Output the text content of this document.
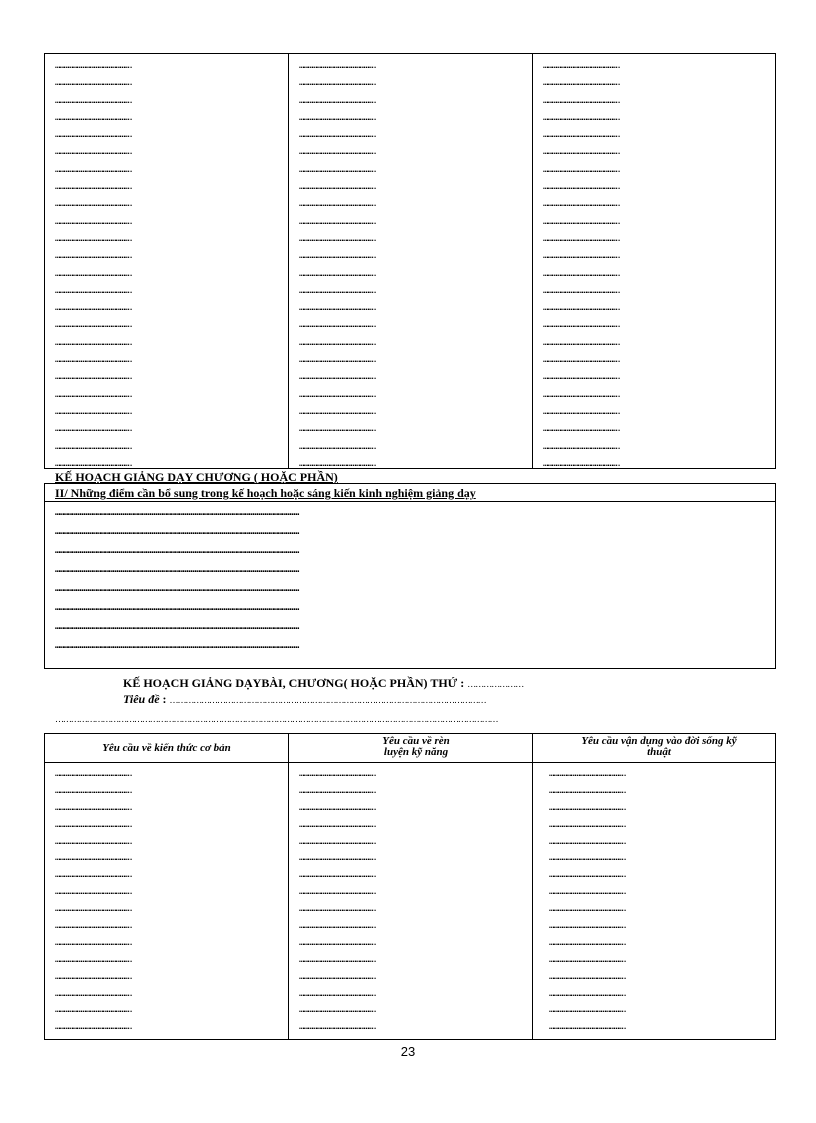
…………………………………………….
…………………………………………….
…………………………………………….
…………………………………………….
…………………………………………….
…………………………………………….
…………………………………………….
…………………………………………….
…………………………………………….
…………………………………………….
…………………………………………….
…………………………………………….
…………………………………………….
…………………………………………….
…………………………………………….
…………………………………………….
…………………………………………….
…………………………………………….
…………………………………………….
…………………………………………….
…………………………………………….
…………………………………………….
…………………………………………….
…………………………………………….
…………………………………………….
…………………………………………….
…………………………………………….
…………………………………………….
…………………………………………….
…………………………………………….
…………………………………………….
…………………………………………….
…………………………………………….
…………………………………………….
…………………………………………….
…………………………………………….
…………………………………………….
…………………………………………….
…………………………………………….
…………………………………………….
…………………………………………….
…………………………………………….
…………………………………………….
…………………………………………….
…………………………………………….
…………………………………………….
…………………………………………….
…………………………………………….
…………………………………………….
…………………………………………….
…………………………………………….
…………………………………………….
…………………………………………….
…………………………………………….
…………………………………………….
…………………………………………….
…………………………………………….
…………………………………………….
…………………………………………….
…………………………………………….
…………………………………………….
…………………………………………….
…………………………………………….
…………………………………………….
…………………………………………….
…………………………………………….
…………………………………………….
…………………………………………….
…………………………………………….
…………………………………………….
…………………………………………….
…………………………………………….
KẾ HOẠCH GIẢNG DẠY CHƯƠNG ( HOẶC PHẦN)
II/ Những điểm cần bổ sung trong kế hoạch hoặc sáng kiến kinh nghiệm giảng dạy
……………………………………………………………………………………………………………………………………………………………
……………………………………………………………………………………………………………………………………………………………
……………………………………………………………………………………………………………………………………………………………
……………………………………………………………………………………………………………………………………………………………
……………………………………………………………………………………………………………………………………………………………
……………………………………………………………………………………………………………………………………………………………
……………………………………………………………………………………………………………………………………………………………
……………………………………………………………………………………………………………………………………………………………
KẾ HOẠCH GIẢNG DẠYBÀI, CHƯƠNG( HOẶC PHẦN) THỨ : …………………
Tiêu đề : …………………………………………………………………………………………………………
……………………………………………………………………………………………………………………………………………………
Yêu cầu về kiến thức cơ bản
Yêu cầu về rèn luyện kỹ năng
Yêu cầu vận dụng vào đời sống kỹ thuật
…………………………………………….
…………………………………………….
…………………………………………….
…………………………………………….
…………………………………………….
…………………………………………….
…………………………………………….
…………………………………………….
…………………………………………….
…………………………………………….
…………………………………………….
…………………………………………….
…………………………………………….
…………………………………………….
…………………………………………….
…………………………………………….
…………………………………………….
…………………………………………….
…………………………………………….
…………………………………………….
…………………………………………….
…………………………………………….
…………………………………………….
…………………………………………….
…………………………………………….
…………………………………………….
…………………………………………….
…………………………………………….
…………………………………………….
…………………………………………….
…………………………………………….
…………………………………………….
…………………………………………….
…………………………………………….
…………………………………………….
…………………………………………….
…………………………………………….
…………………………………………….
…………………………………………….
…………………………………………….
…………………………………………….
…………………………………………….
…………………………………………….
…………………………………………….
…………………………………………….
…………………………………………….
…………………………………………….
…………………………………………….
23
